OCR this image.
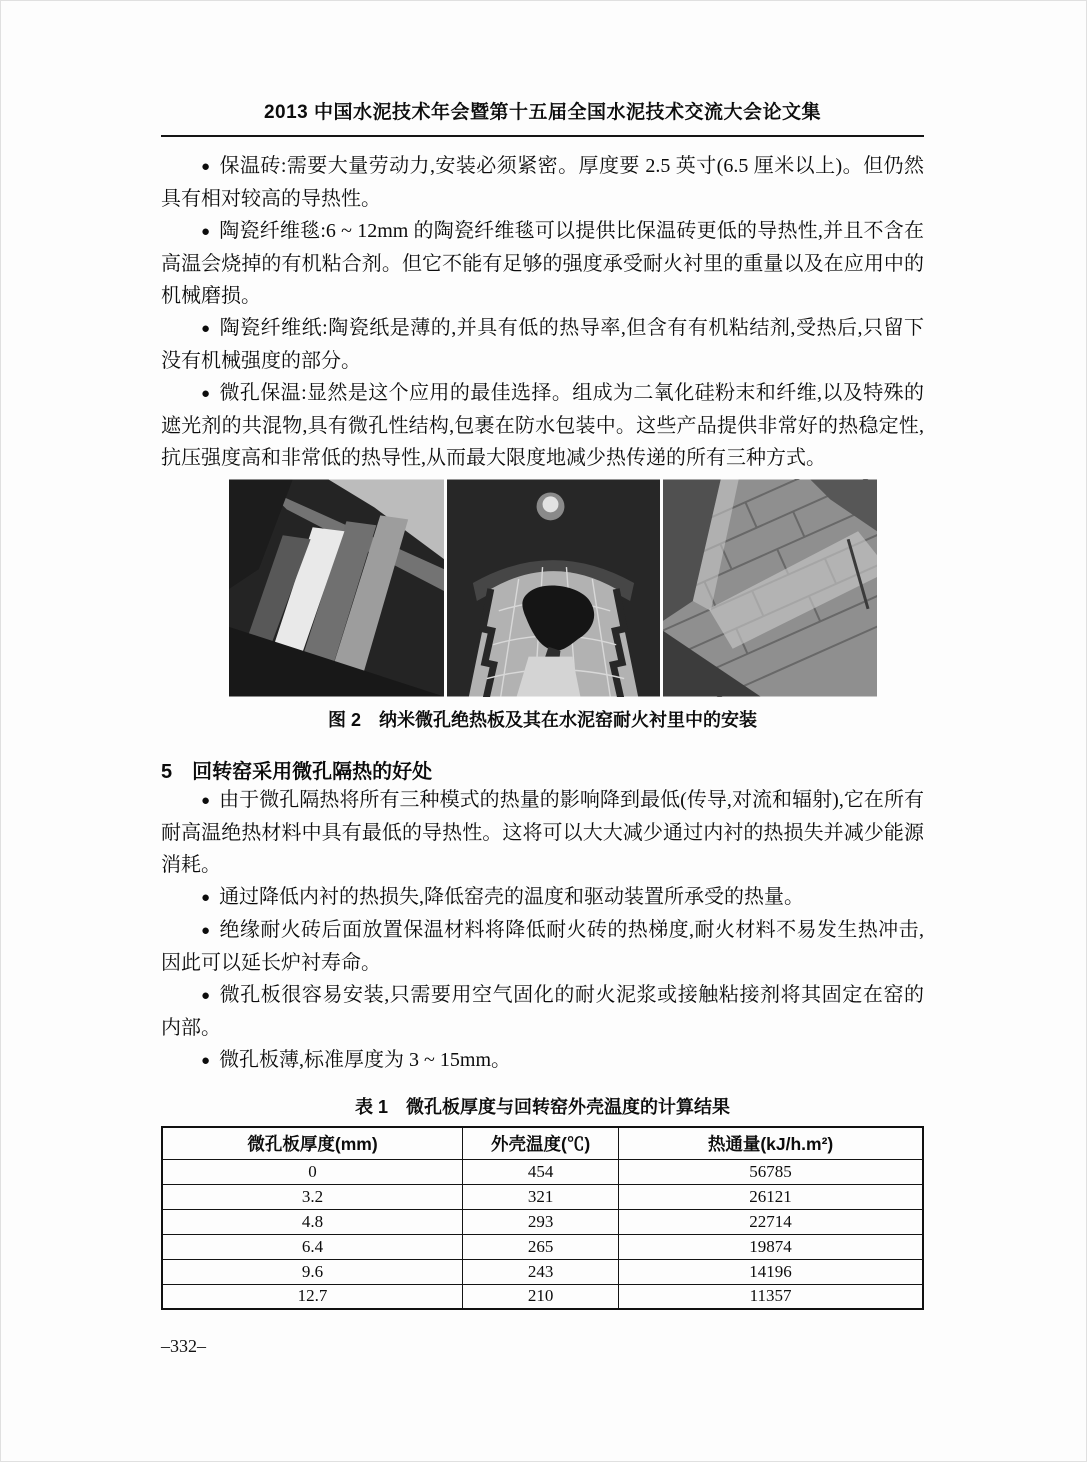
2013 中国水泥技术年会暨第十五届全国水泥技术交流大会论文集

● 保温砖:需要大量劳动力,安装必须紧密。厚度要 2.5 英寸(6.5 厘米以上)。但仍然具有相对较高的导热性。

● 陶瓷纤维毯:6 ~ 12mm 的陶瓷纤维毯可以提供比保温砖更低的导热性,并且不含在高温会烧掉的有机粘合剂。但它不能有足够的强度承受耐火衬里的重量以及在应用中的机械磨损。

● 陶瓷纤维纸:陶瓷纸是薄的,并具有低的热导率,但含有有机粘结剂,受热后,只留下没有机械强度的部分。

● 微孔保温:显然是这个应用的最佳选择。组成为二氧化硅粉末和纤维,以及特殊的遮光剂的共混物,具有微孔性结构,包裹在防水包装中。这些产品提供非常好的热稳定性,抗压强度高和非常低的热导性,从而最大限度地减少热传递的所有三种方式。

图 2 纳米微孔绝热板及其在水泥窑耐火衬里中的安装
5 回转窑采用微孔隔热的好处

● 由于微孔隔热将所有三种模式的热量的影响降到最低(传导,对流和辐射),它在所有耐高温绝热材料中具有最低的导热性。这将可以大大减少通过内衬的热损失并减少能源消耗。

● 通过降低内衬的热损失,降低窑壳的温度和驱动装置所承受的热量。

● 绝缘耐火砖后面放置保温材料将降低耐火砖的热梯度,耐火材料不易发生热冲击,因此可以延长炉衬寿命。

● 微孔板很容易安装,只需要用空气固化的耐火泥浆或接触粘接剂将其固定在窑的内部。

● 微孔板薄,标准厚度为 3 ~ 15mm。

表 1 微孔板厚度与回转窑外壳温度的计算结果
微孔板厚度(mm)	外壳温度(℃)	热通量(kJ/h.m²)
0	454	56785
3.2	321	26121
4.8	293	22714
6.4	265	19874
9.6	243	14196
12.7	210	11357
–332–
